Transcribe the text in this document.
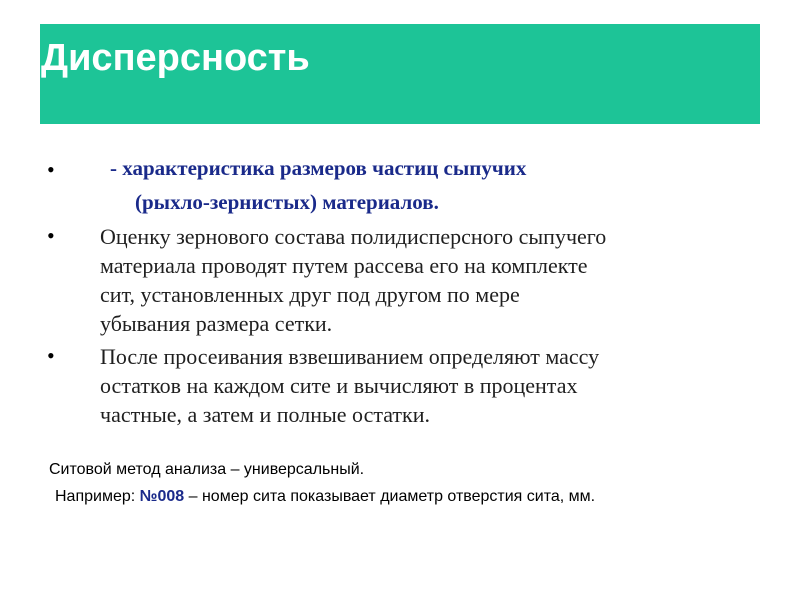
Дисперсность
•	- характеристика размеров частиц сыпучих
(рыхло-зернистых) материалов.
• Оценку зернового состава полидисперсного сыпучего
материала проводят путем рассева его на комплекте
сит, установленных друг под другом по мере
убывания размера сетки.
• После просеивания взвешиванием определяют массу
остатков на каждом сите и вычисляют в процентах
частные, а затем и полные остатки.
Ситовой метод анализа – универсальный.
Например: №008 – номер сита показывает диаметр отверстия сита, мм.
